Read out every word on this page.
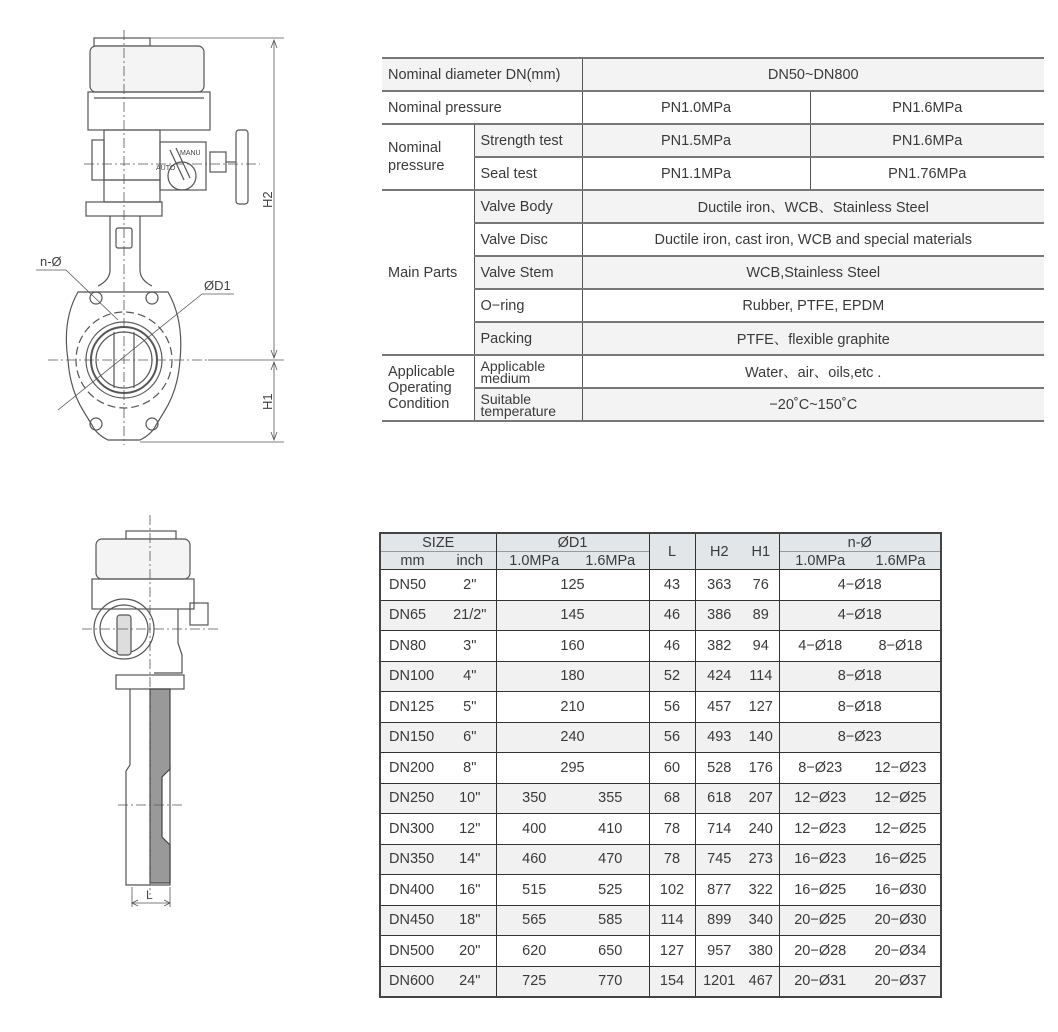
MANU
AUTO
H2
H1
n-Ø
ØD1
L
Nominal diameter DN(mm)		DN50~DN800	
Nominal pressure		PN1.0MPa	PN1.6MPa
Nominal pressure	Strength test	PN1.5MPa	PN1.6MPa
	Seal test	PN1.1MPa	PN1.76MPa
Main Parts	Valve Body	Ductile iron、WCB、Stainless Steel	
	Valve Disc	Ductile iron, cast iron, WCB and special materials	
	Valve Stem	WCB,Stainless Steel	
	O−ring	Rubber, PTFE, EPDM	
	Packing	PTFE、flexible graphite	
Applicable Operating Condition	Applicable medium	Water、air、oils,etc .	
	Suitable temperature	−20˚C~150˚C	
SIZE		ØD1		L	H2	H1	n-Ø	
mm	inch	1.0MPa	1.6MPa				1.0MPa	1.6MPa
DN50	2"	125		43	363	76	4−Ø18	
DN65	21/2"	145		46	386	89	4−Ø18	
DN80	3"	160		46	382	94	4−Ø18	8−Ø18
DN100	4"	180		52	424	114	8−Ø18	
DN125	5"	210		56	457	127	8−Ø18	
DN150	6"	240		56	493	140	8−Ø23	
DN200	8"	295		60	528	176	8−Ø23	12−Ø23
DN250	10"	350	355	68	618	207	12−Ø23	12−Ø25
DN300	12"	400	410	78	714	240	12−Ø23	12−Ø25
DN350	14"	460	470	78	745	273	16−Ø23	16−Ø25
DN400	16"	515	525	102	877	322	16−Ø25	16−Ø30
DN450	18"	565	585	114	899	340	20−Ø25	20−Ø30
DN500	20"	620	650	127	957	380	20−Ø28	20−Ø34
DN600	24"	725	770	154	1201	467	20−Ø31	20−Ø37
